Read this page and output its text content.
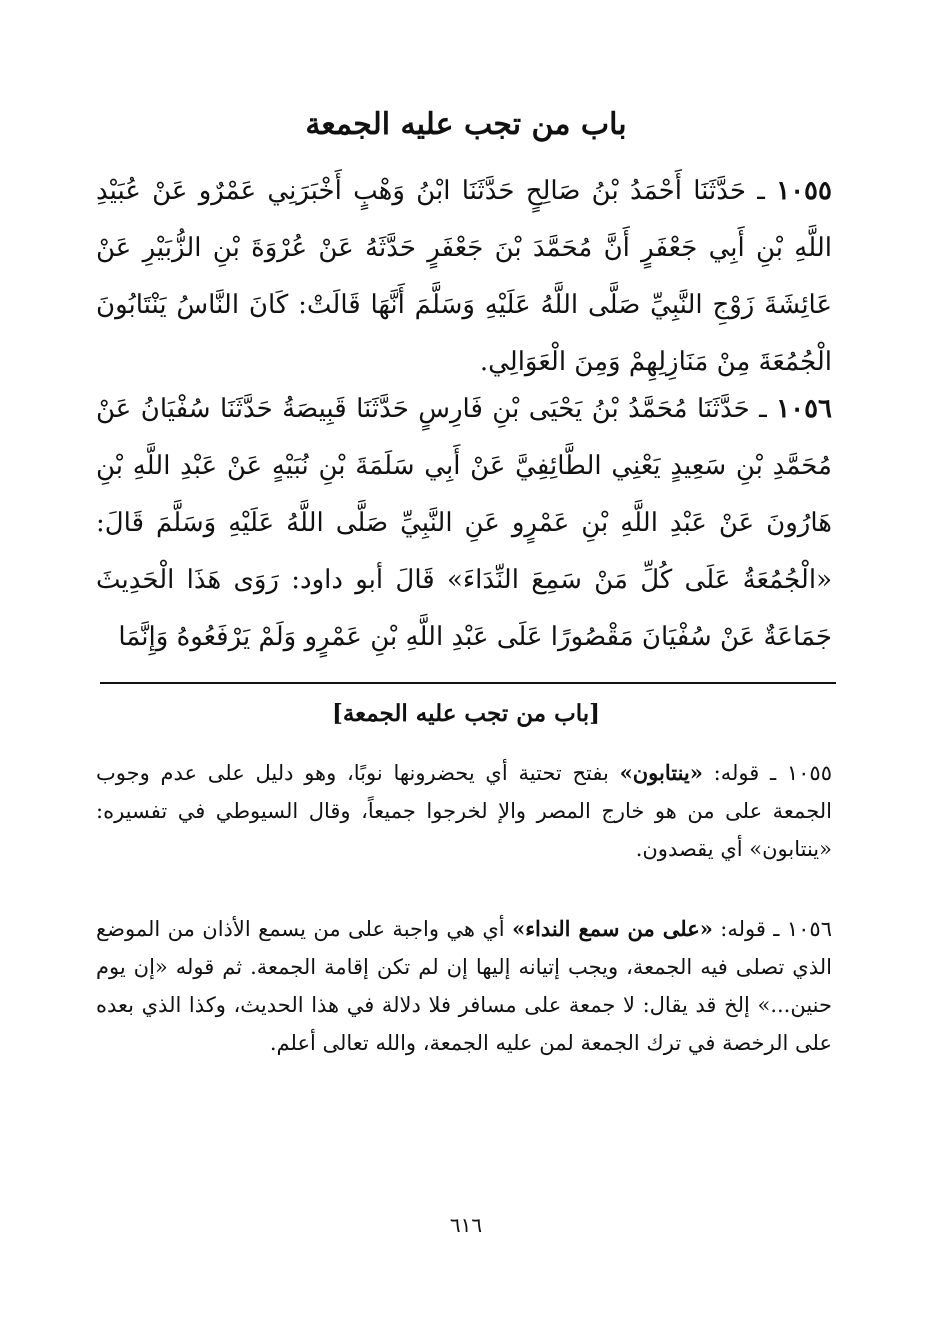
باب من تجب عليه الجمعة

١٠٥٥ ـ حَدَّثَنَا أَحْمَدُ بْنُ صَالِحٍ حَدَّثَنَا ابْنُ وَهْبٍ أَخْبَرَنِي عَمْرٌو عَنْ عُبَيْدِ اللَّهِ بْنِ أَبِي جَعْفَرٍ أَنَّ مُحَمَّدَ بْنَ جَعْفَرٍ حَدَّثَهُ عَنْ عُرْوَةَ بْنِ الزُّبَيْرِ عَنْ عَائِشَةَ زَوْجِ النَّبِيِّ صَلَّى اللَّهُ عَلَيْهِ وَسَلَّمَ أَنَّهَا قَالَتْ: كَانَ النَّاسُ يَنْتَابُونَ الْجُمُعَةَ مِنْ مَنَازِلِهِمْ وَمِنَ الْعَوَالِي.

١٠٥٦ ـ حَدَّثَنَا مُحَمَّدُ بْنُ يَحْيَى بْنِ فَارِسٍ حَدَّثَنَا قَبِيصَةُ حَدَّثَنَا سُفْيَانُ عَنْ مُحَمَّدِ بْنِ سَعِيدٍ يَعْنِي الطَّائِفِيَّ عَنْ أَبِي سَلَمَةَ بْنِ نُبَيْهٍ عَنْ عَبْدِ اللَّهِ بْنِ هَارُونَ عَنْ عَبْدِ اللَّهِ بْنِ عَمْرٍو عَنِ النَّبِيِّ صَلَّى اللَّهُ عَلَيْهِ وَسَلَّمَ قَالَ: «الْجُمُعَةُ عَلَى كُلِّ مَنْ سَمِعَ النِّدَاءَ» قَالَ أبو داود: رَوَى هَذَا الْحَدِيثَ جَمَاعَةٌ عَنْ سُفْيَانَ مَقْصُورًا عَلَى عَبْدِ اللَّهِ بْنِ عَمْرٍو وَلَمْ يَرْفَعُوهُ وَإِنَّمَا

[باب من تجب عليه الجمعة]

١٠٥٥ ـ قوله: «ينتابون» بفتح تحتية أي يحضرونها نوبًا، وهو دليل على عدم وجوب الجمعة على من هو خارج المصر والإ لخرجوا جميعاً، وقال السيوطي في تفسيره: «ينتابون» أي يقصدون.

١٠٥٦ ـ قوله: «على من سمع النداء» أي هي واجبة على من يسمع الأذان من الموضع الذي تصلى فيه الجمعة، ويجب إتيانه إليها إن لم تكن إقامة الجمعة. ثم قوله «إن يوم حنين...» إلخ قد يقال: لا جمعة على مسافر فلا دلالة في هذا الحديث، وكذا الذي بعده على الرخصة في ترك الجمعة لمن عليه الجمعة، والله تعالى أعلم.

٦١٦
